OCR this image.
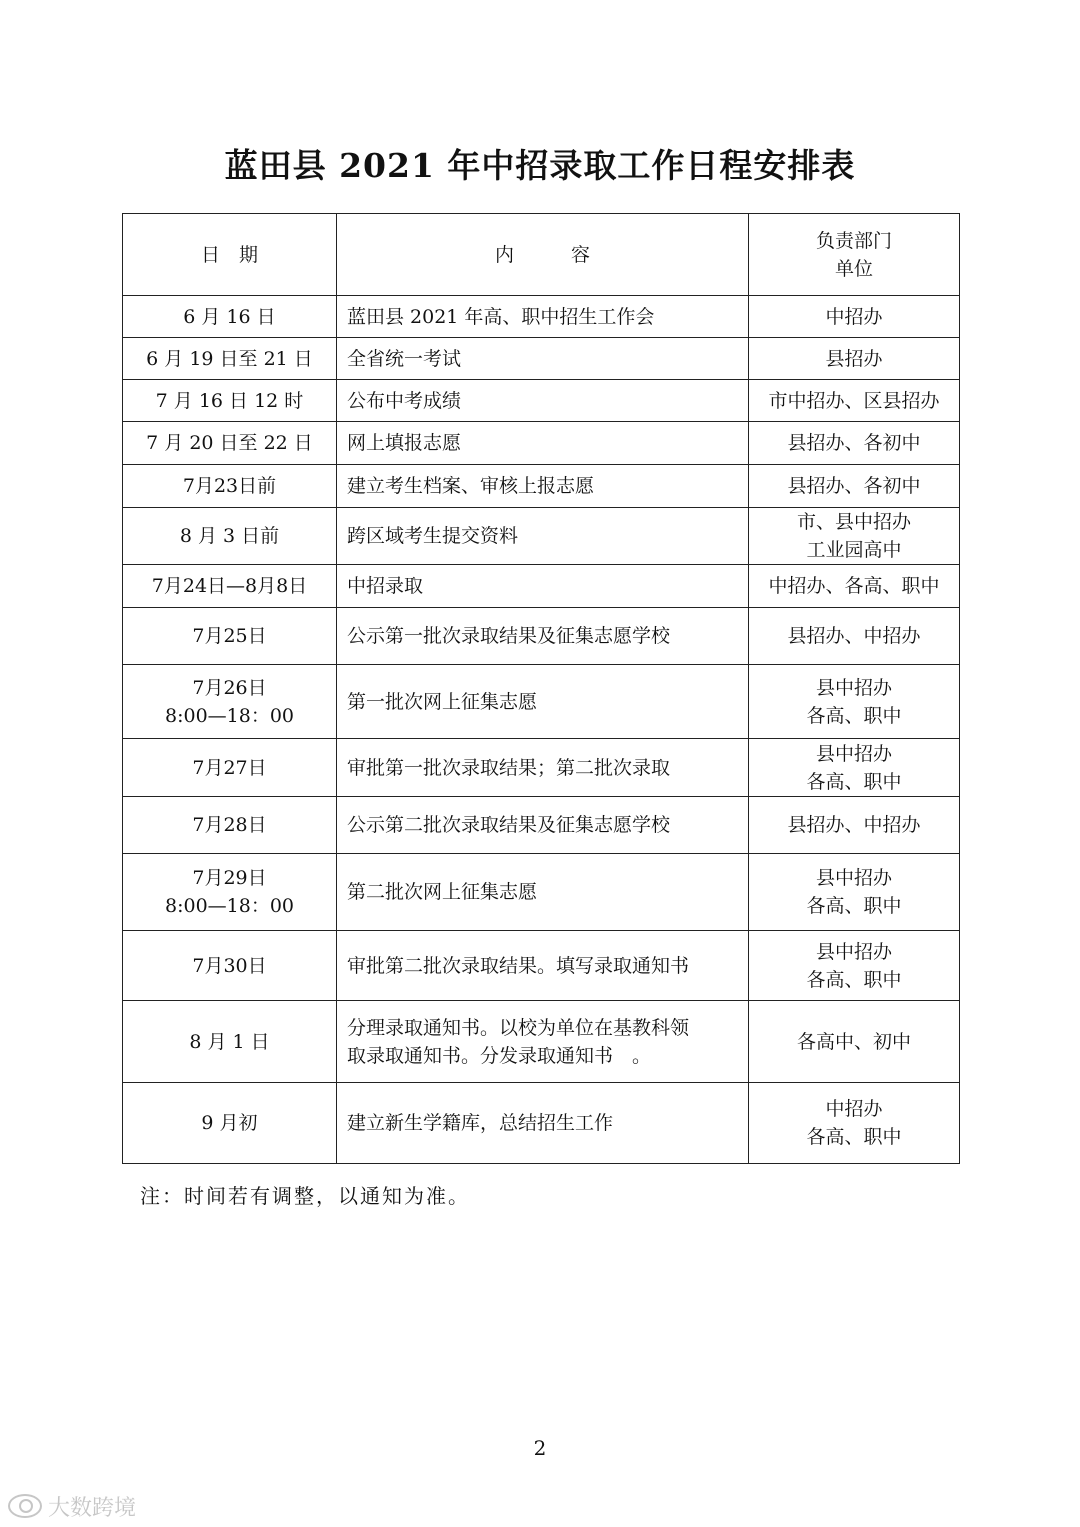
蓝田县 2021 年中招录取工作日程安排表
日　期	内　　　容	负责部门
单位

6 月 16 日	蓝田县 2021 年高、职中招生工作会	中招办

6 月 19 日至 21 日	全省统一考试	县招办

7 月 16 日 12 时	公布中考成绩	市中招办、区县招办

7 月 20 日至 22 日	网上填报志愿	县招办、各初中

7月23日前	建立考生档案、审核上报志愿	县招办、各初中

8 月 3 日前	跨区域考生提交资料	市、县中招办
工业园高中

7月24日—8月8日	中招录取	中招办、各高、职中

7月25日	公示第一批次录取结果及征集志愿学校	县招办、中招办

7月26日
8:00—18：00	第一批次网上征集志愿	县中招办
各高、职中

7月27日	审批第一批次录取结果；第二批次录取	县中招办
各高、职中

7月28日	公示第二批次录取结果及征集志愿学校	县招办、中招办

7月29日
8:00—18：00	第二批次网上征集志愿	县中招办
各高、职中

7月30日	审批第二批次录取结果。填写录取通知书	县中招办
各高、职中

8 月 1 日	分理录取通知书。以校为单位在基教科领
取录取通知书。分发录取通知书　。	各高中、初中

9 月初	建立新生学籍库，总结招生工作	中招办
各高、职中
注：时间若有调整，以通知为准。
2
大数跨境
